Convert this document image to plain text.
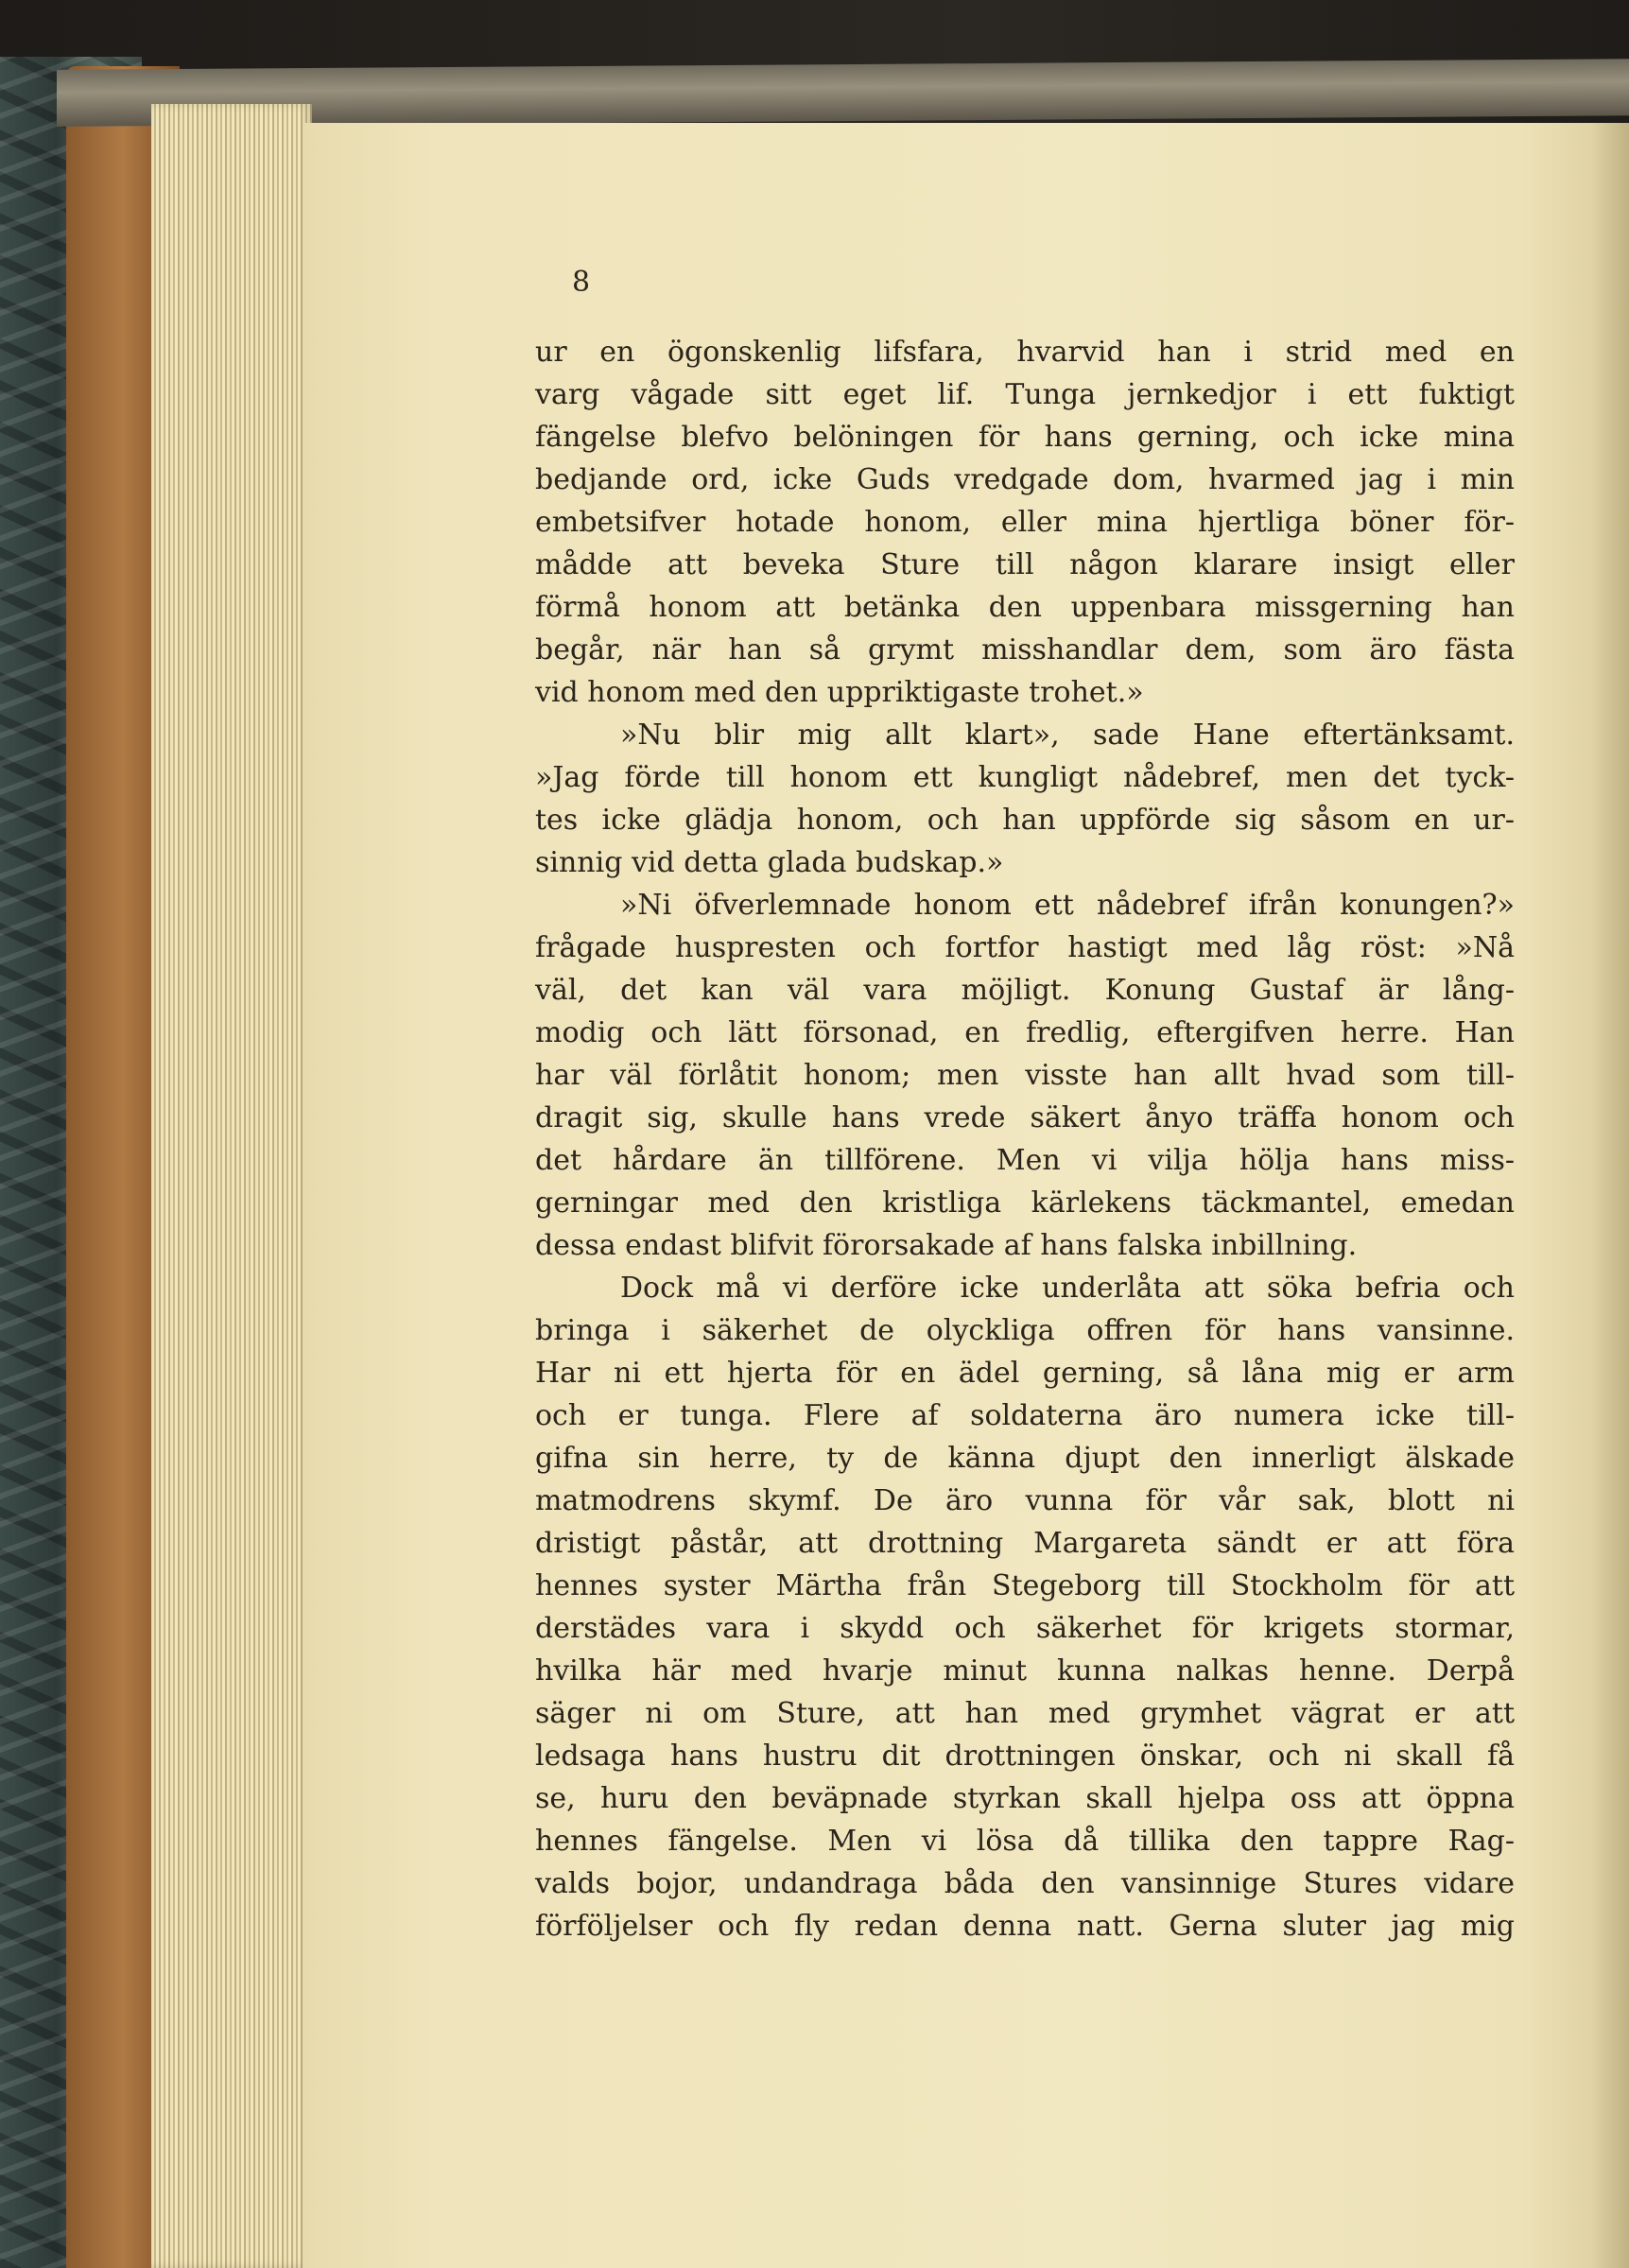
8
ur en ögonskenlig lifsfara, hvarvid han i strid med en
varg vågade sitt eget lif. Tunga jernkedjor i ett fuktigt
fängelse blefvo belöningen för hans gerning, och icke mina
bedjande ord, icke Guds vredgade dom, hvarmed jag i min
embetsifver hotade honom, eller mina hjertliga böner för-
mådde att beveka Sture till någon klarare insigt eller
förmå honom att betänka den uppenbara missgerning han
begår, när han så grymt misshandlar dem, som äro fästa
vid honom med den uppriktigaste trohet.»
»Nu blir mig allt klart», sade Hane eftertänksamt.
»Jag förde till honom ett kungligt nådebref, men det tyck-
tes icke glädja honom, och han uppförde sig såsom en ur-
sinnig vid detta glada budskap.»
»Ni öfverlemnade honom ett nådebref ifrån konungen?»
frågade huspresten och fortfor hastigt med låg röst: »Nå
väl, det kan väl vara möjligt. Konung Gustaf är lång-
modig och lätt försonad, en fredlig, eftergifven herre. Han
har väl förlåtit honom; men visste han allt hvad som till-
dragit sig, skulle hans vrede säkert ånyo träffa honom och
det hårdare än tillförene. Men vi vilja hölja hans miss-
gerningar med den kristliga kärlekens täckmantel, emedan
dessa endast blifvit förorsakade af hans falska inbillning.
Dock må vi derföre icke underlåta att söka befria och
bringa i säkerhet de olyckliga offren för hans vansinne.
Har ni ett hjerta för en ädel gerning, så låna mig er arm
och er tunga. Flere af soldaterna äro numera icke till-
gifna sin herre, ty de känna djupt den innerligt älskade
matmodrens skymf. De äro vunna för vår sak, blott ni
dristigt påstår, att drottning Margareta sändt er att föra
hennes syster Märtha från Stegeborg till Stockholm för att
derstädes vara i skydd och säkerhet för krigets stormar,
hvilka här med hvarje minut kunna nalkas henne. Derpå
säger ni om Sture, att han med grymhet vägrat er att
ledsaga hans hustru dit drottningen önskar, och ni skall få
se, huru den beväpnade styrkan skall hjelpa oss att öppna
hennes fängelse. Men vi lösa då tillika den tappre Rag-
valds bojor, undandraga båda den vansinnige Stures vidare
förföljelser och fly redan denna natt. Gerna sluter jag mig
